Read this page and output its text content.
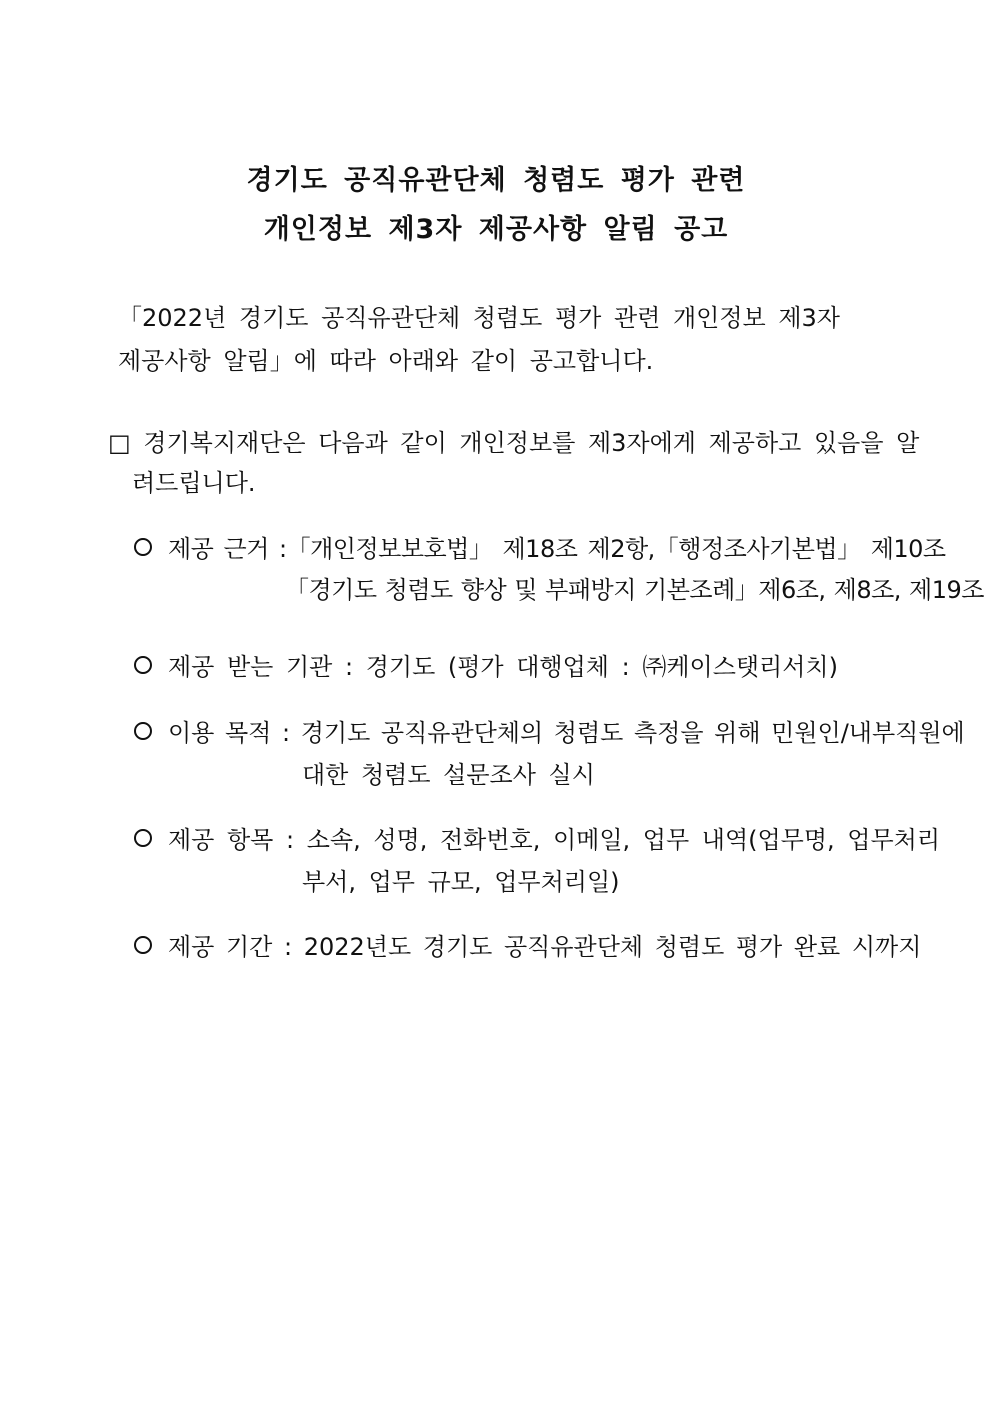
경기도 공직유관단체 청렴도 평가 관련
개인정보 제3자 제공사항 알림 공고
「2022년 경기도 공직유관단체 청렴도 평가 관련 개인정보 제3자
제공사항 알림」에 따라 아래와 같이 공고합니다.
□ 경기복지재단은 다음과 같이 개인정보를 제3자에게 제공하고 있음을 알
려드립니다.
제공 근거 :「개인정보보호법」 제18조 제2항,「행정조사기본법」 제10조
「경기도 청렴도 향상 및 부패방지 기본조례」제6조, 제8조, 제19조
제공 받는 기관 : 경기도 (평가 대행업체 : ㈜케이스탯리서치)
이용 목적 : 경기도 공직유관단체의 청렴도 측정을 위해 민원인/내부직원에
대한 청렴도 설문조사 실시
제공 항목 : 소속, 성명, 전화번호, 이메일, 업무 내역(업무명, 업무처리
부서, 업무 규모, 업무처리일)
제공 기간 : 2022년도 경기도 공직유관단체 청렴도 평가 완료 시까지
